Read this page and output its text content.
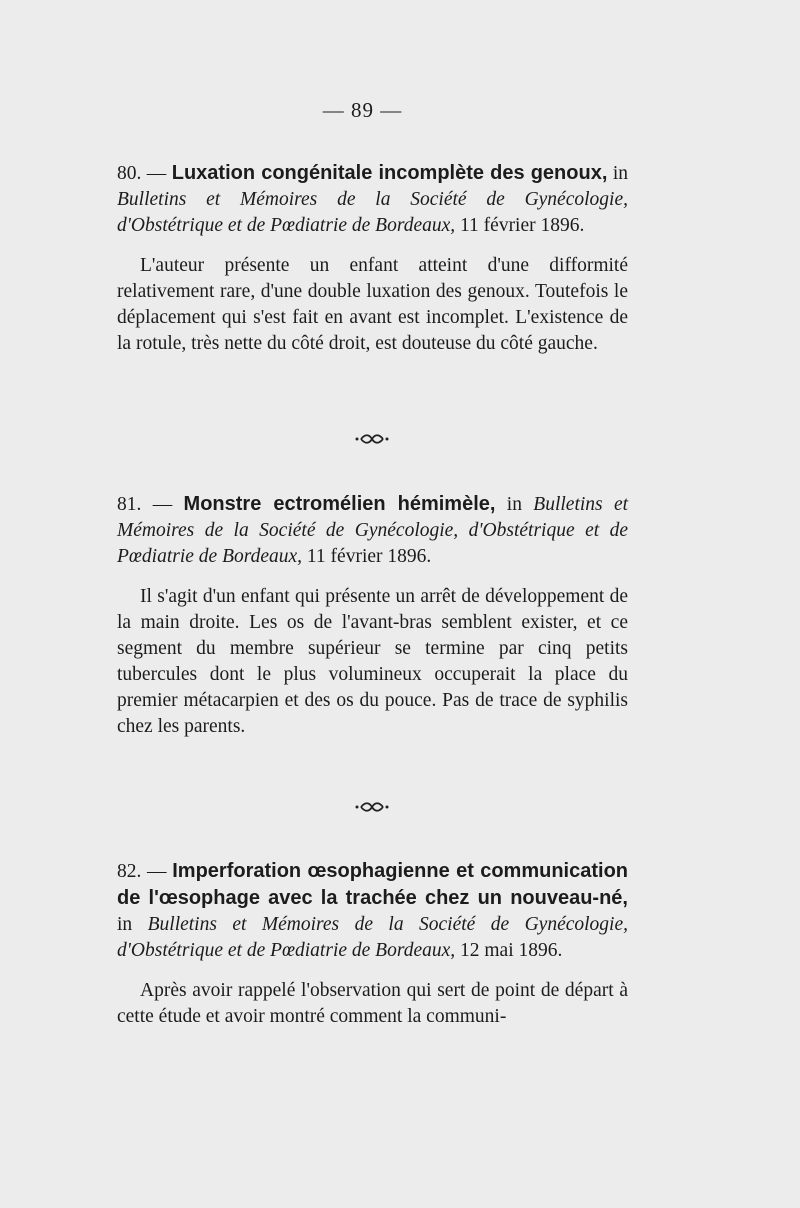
— 89 —

80. — Luxation congénitale incomplète des genoux, in Bulletins et Mémoires de la Société de Gynécologie, d'Obstétrique et de Pœdiatrie de Bordeaux, 11 février 1896.

L'auteur présente un enfant atteint d'une difformité relativement rare, d'une double luxation des genoux. Toutefois le déplacement qui s'est fait en avant est incomplet. L'existence de la rotule, très nette du côté droit, est douteuse du côté gauche.

81. — Monstre ectromélien hémimèle, in Bulletins et Mémoires de la Société de Gynécologie, d'Obstétrique et de Pœdiatrie de Bordeaux, 11 février 1896.

Il s'agit d'un enfant qui présente un arrêt de développement de la main droite. Les os de l'avant-bras semblent exister, et ce segment du membre supérieur se termine par cinq petits tubercules dont le plus volumineux occuperait la place du premier métacarpien et des os du pouce. Pas de trace de syphilis chez les parents.

82. — Imperforation œsophagienne et communication de l'œsophage avec la trachée chez un nouveau-né, in Bulletins et Mémoires de la Société de Gynécologie, d'Obstétrique et de Pœdiatrie de Bordeaux, 12 mai 1896.

Après avoir rappelé l'observation qui sert de point de départ à cette étude et avoir montré comment la communi-
